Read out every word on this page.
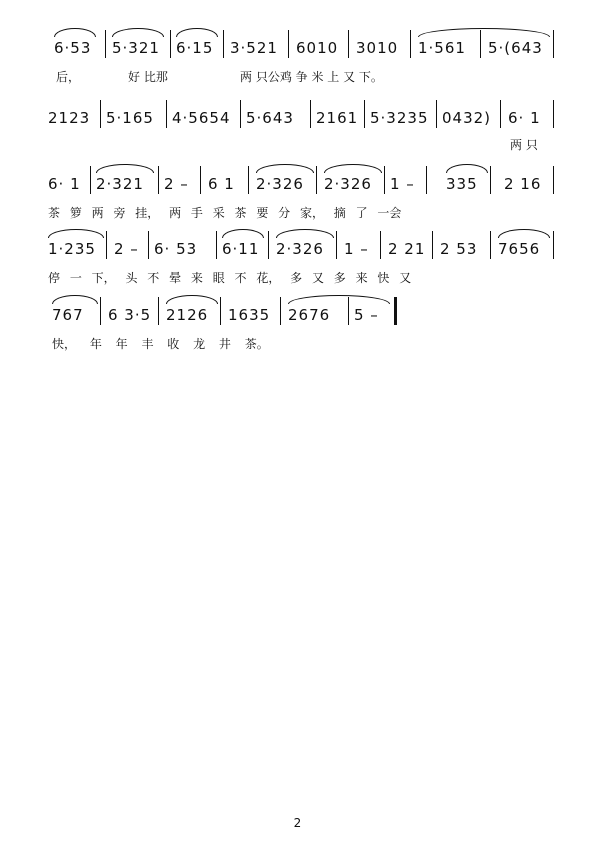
6·53 5·321 6·15 3·521 6010 3010 1·561 5·(643
后，	好 比那	两 只公鸡 争 米 上 又 下。
2123 5·165 4·5654 5·643 2161 5·3235 0432) 6· 1
两 只
6· 1 2·321 2 – 6 1 2·326 2·326 1 – 335 2 16
茶 箩 两 旁 挂， 两 手 采 茶 要 分 家， 摘 了 一会
1·235 2 – 6· 53 6·11 2·326 1 – 2 21 2 53 7656
停 一 下， 头 不 晕 来 眼 不 花， 多 又 多 来 快 又
767 6 3·5 2126 1635 2676 5 –
快， 年 年 丰 收 龙 井 茶。
2
